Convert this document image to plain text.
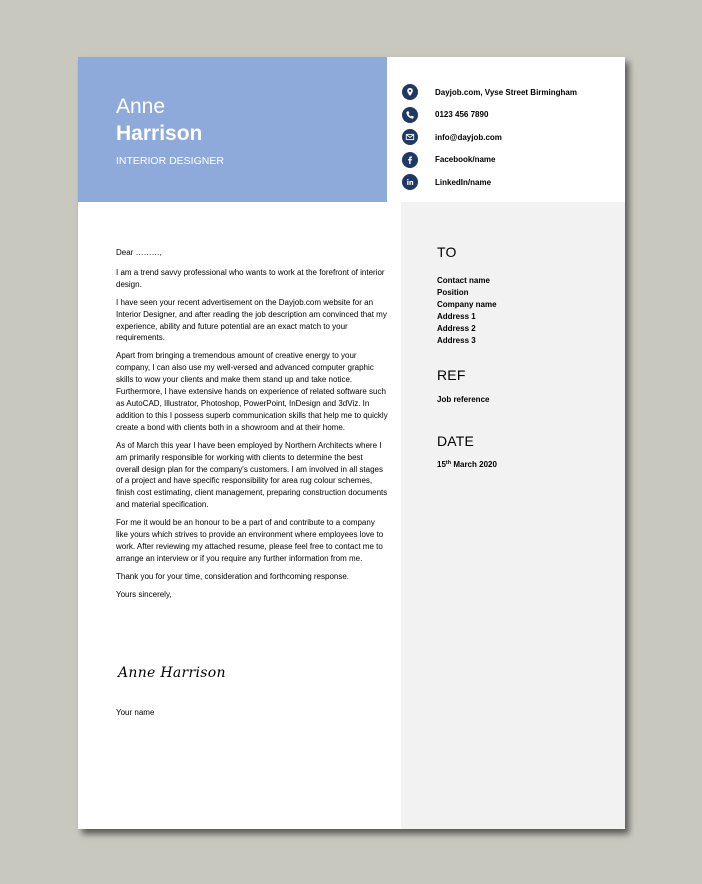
Anne
Harrison
INTERIOR DESIGNER
Dayjob.com, Vyse Street Birmingham
0123 456 7890
info@dayjob.com
Facebook/name
LinkedIn/name

Dear ………,

I am a trend savvy professional who wants to work at the forefront of interior design.

I have seen your recent advertisement on the Dayjob.com website for an Interior Designer, and after reading the job description am convinced that my experience, ability and future potential are an exact match to your requirements.

Apart from bringing a tremendous amount of creative energy to your company, I can also use my well-versed and advanced computer graphic skills to wow your clients and make them stand up and take notice. Furthermore, I have extensive hands on experience of related software such as AutoCAD, Illustrator, Photoshop, PowerPoint, InDesign and 3dViz. In addition to this I possess superb communication skills that help me to quickly create a bond with clients both in a showroom and at their home.

As of March this year I have been employed by Northern Architects where I am primarily responsible for working with clients to determine the best overall design plan for the company's customers. I am involved in all stages of a project and have specific responsibility for area rug colour schemes, finish cost estimating, client management, preparing construction documents and material specification.

For me it would be an honour to be a part of and contribute to a company like yours which strives to provide an environment where employees love to work. After reviewing my attached resume, please feel free to contact me to arrange an interview or if you require any further information from me.

Thank you for your time, consideration and forthcoming response.

Yours sincerely,

Anne Harrison
Your name
TO
Contact name
Position
Company name
Address 1
Address 2
Address 3
REF
Job reference
DATE
15th March 2020
